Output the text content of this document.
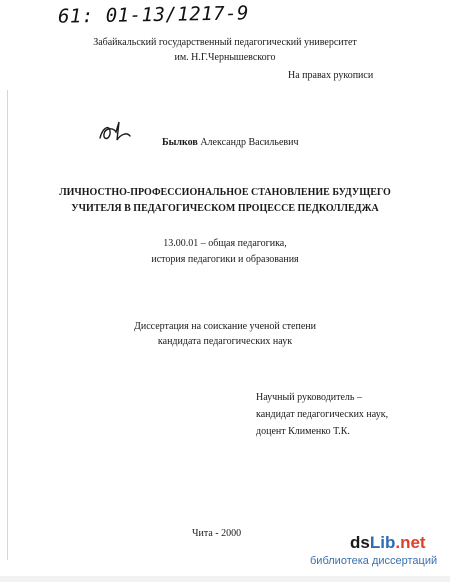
61: 01-13/1217-9
Забайкальский государственный педагогический университет
им. Н.Г.Чернышевского
На правах рукописи
Былков Александр Васильевич
ЛИЧНОСТНО-ПРОФЕССИОНАЛЬНОЕ СТАНОВЛЕНИЕ БУДУЩЕГО
УЧИТЕЛЯ В ПЕДАГОГИЧЕСКОМ ПРОЦЕССЕ ПЕДКОЛЛЕДЖА
13.00.01 – общая педагогика,
история педагогики и образования
Диссертация на соискание ученой степени
кандидата педагогических наук
Научный руководитель –
кандидат педагогических наук,
доцент Клименко Т.К.
Чита - 2000	dsLib.net
библиотека диссертаций
